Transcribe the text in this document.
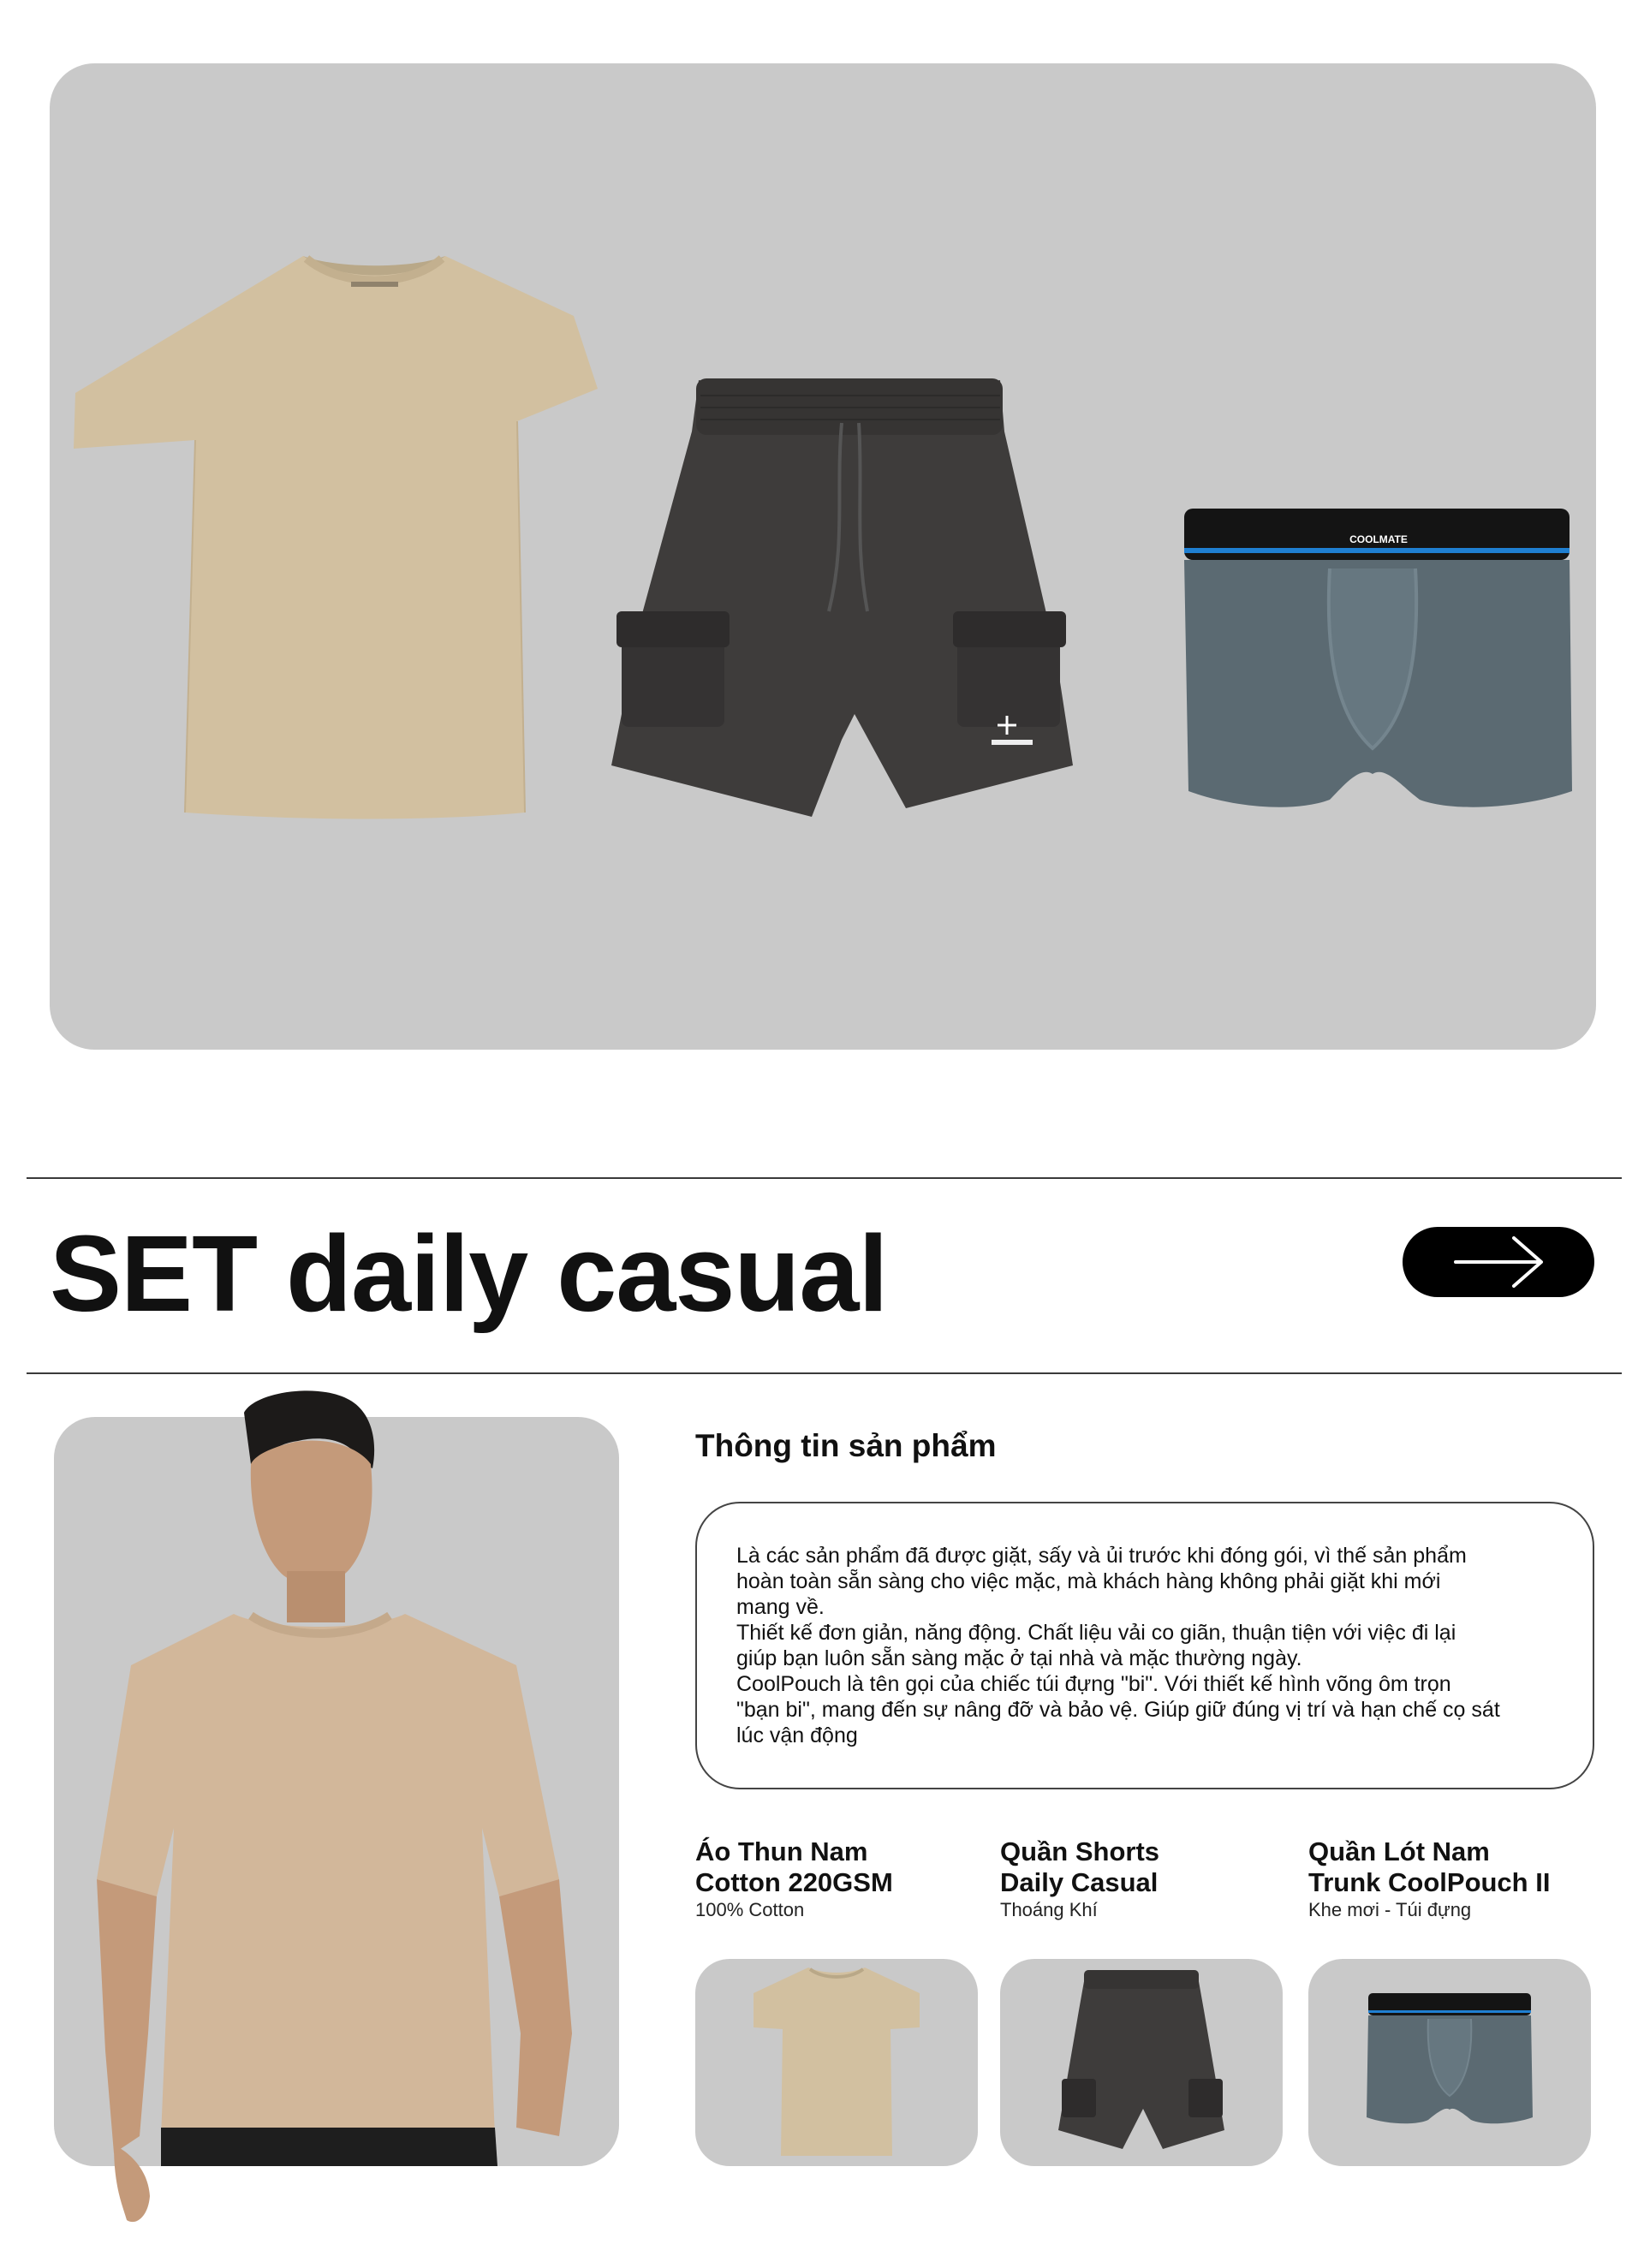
COOLMATE
SET daily casual
Thông tin sản phẩm

Là các sản phẩm đã được giặt, sấy và ủi trước khi đóng gói, vì thế sản phẩm

hoàn toàn sẵn sàng cho việc mặc, mà khách hàng không phải giặt khi mới

mang về.

Thiết kế đơn giản, năng động. Chất liệu vải co giãn, thuận tiện với việc đi lại

giúp bạn luôn sẵn sàng mặc ở tại nhà và mặc thường ngày.

CoolPouch là tên gọi của chiếc túi đựng "bi". Với thiết kế hình võng ôm trọn

"bạn bi", mang đến sự nâng đỡ và bảo vệ. Giúp giữ đúng vị trí và hạn chế cọ sát

lúc vận động

Áo Thun Nam
Cotton 220GSM
100% Cotton
Quần Shorts
Daily Casual
Thoáng Khí
Quần Lót Nam
Trunk CoolPouch II
Khe mơi - Túi đựng
